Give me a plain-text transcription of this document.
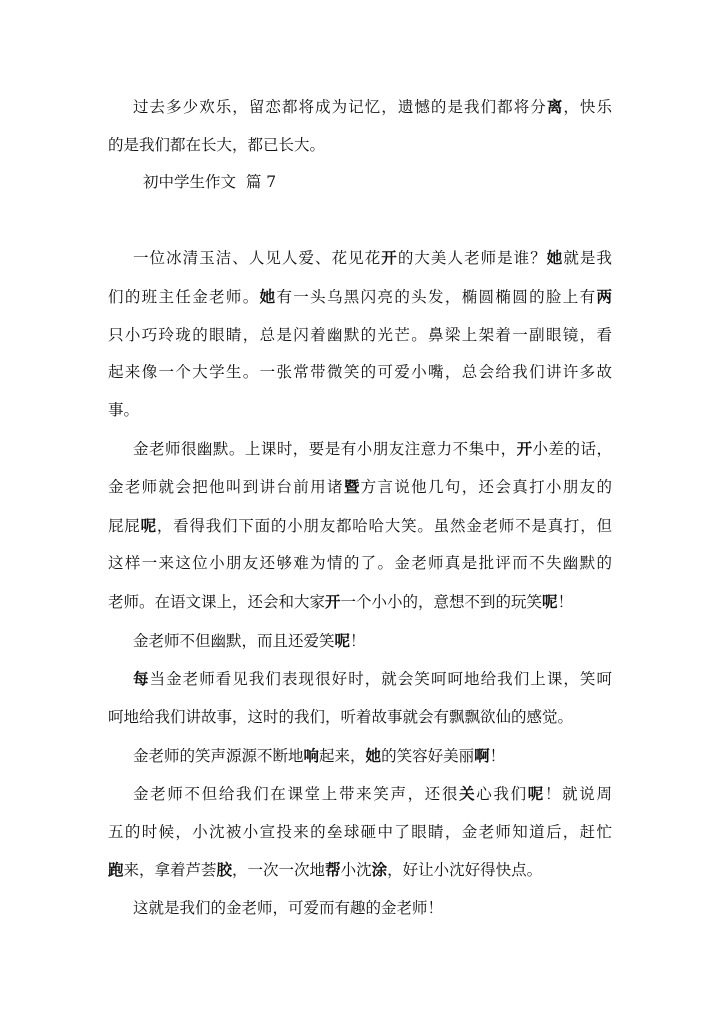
过去多少欢乐，留恋都将成为记忆，遗憾的是我们都将分离，快乐
的是我们都在长大，都已长大。
初中学生作文  篇 7
一位冰清玉洁、人见人爱、花见花开的大美人老师是谁？她就是我
们的班主任金老师。她有一头乌黑闪亮的头发，椭圆椭圆的脸上有两
只小巧玲珑的眼睛，总是闪着幽默的光芒。鼻梁上架着一副眼镜，看
起来像一个大学生。一张常带微笑的可爱小嘴，总会给我们讲许多故
事。
金老师很幽默。上课时，要是有小朋友注意力不集中，开小差的话，
金老师就会把他叫到讲台前用诸暨方言说他几句，还会真打小朋友的
屁屁呢，看得我们下面的小朋友都哈哈大笑。虽然金老师不是真打，但
这样一来这位小朋友还够难为情的了。金老师真是批评而不失幽默的
老师。在语文课上，还会和大家开一个小小的，意想不到的玩笑呢！
金老师不但幽默，而且还爱笑呢！
每当金老师看见我们表现很好时，就会笑呵呵地给我们上课，笑呵
呵地给我们讲故事，这时的我们，听着故事就会有飘飘欲仙的感觉。
金老师的笑声源源不断地响起来，她的笑容好美丽啊！
金老师不但给我们在课堂上带来笑声，还很关心我们呢！就说周
五的时候，小沈被小宣投来的垒球砸中了眼睛，金老师知道后，赶忙
跑来，拿着芦荟胶，一次一次地帮小沈涂，好让小沈好得快点。
这就是我们的金老师，可爱而有趣的金老师！
